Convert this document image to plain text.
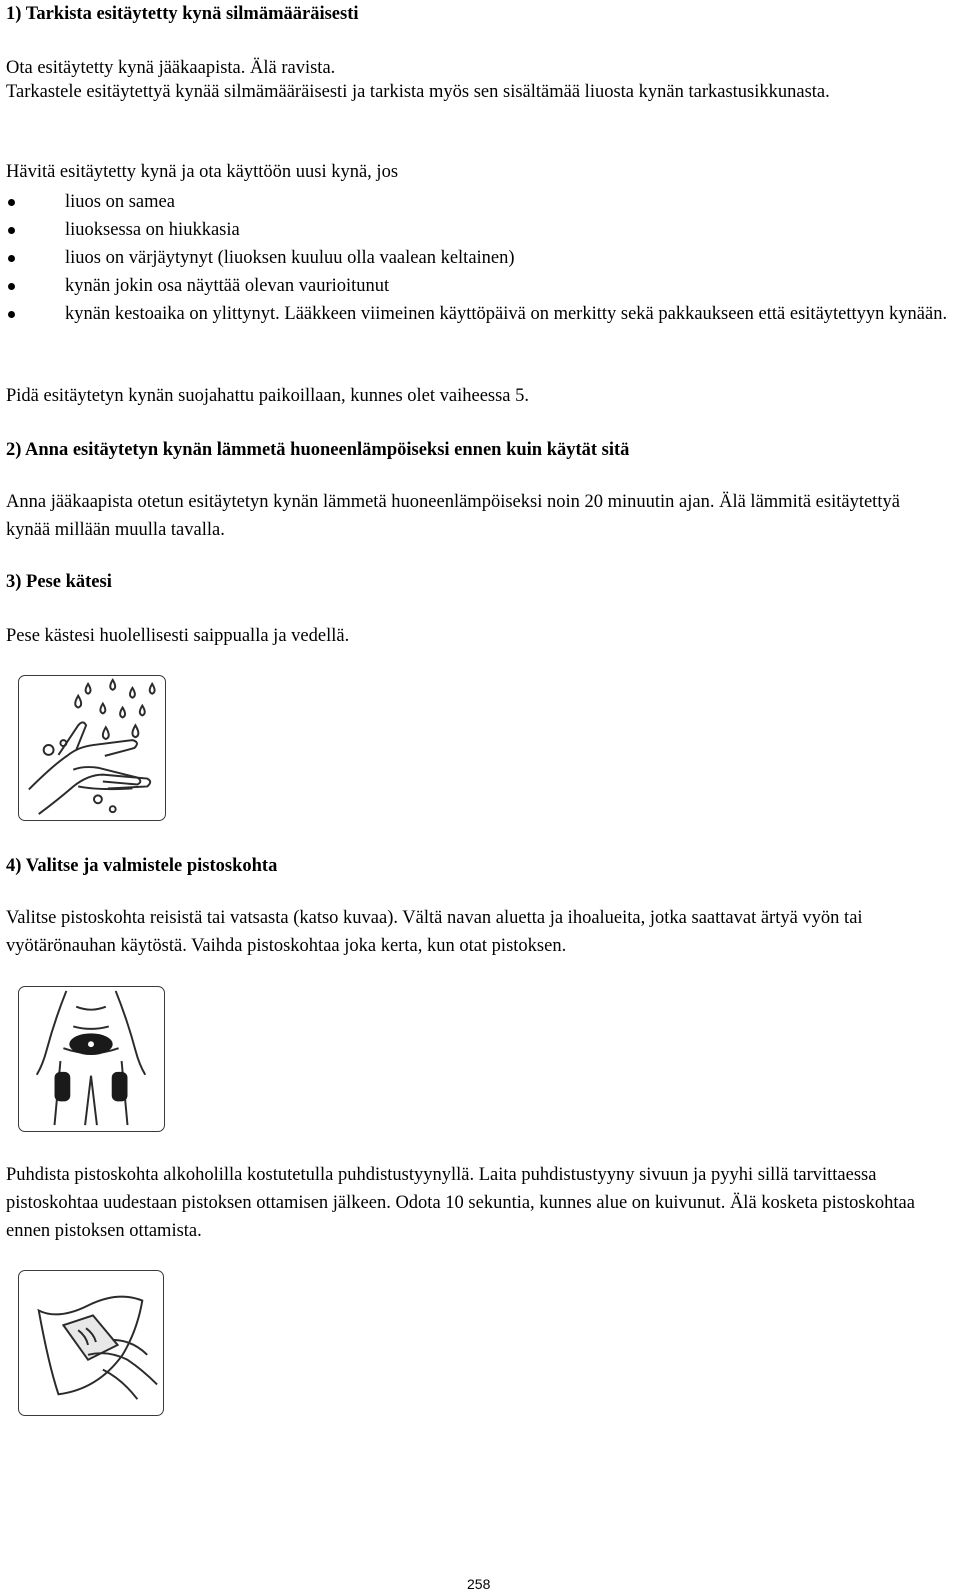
1) Tarkista esitäytetty kynä silmämääräisesti

Ota esitäytetty kynä jääkaapista. Älä ravista.

Tarkastele esitäytettyä kynää silmämääräisesti ja tarkista myös sen sisältämää liuosta kynän tarkastusikkunasta.

Hävitä esitäytetty kynä ja ota käyttöön uusi kynä, jos

liuos on samea
liuoksessa on hiukkasia
liuos on värjäytynyt (liuoksen kuuluu olla vaalean keltainen)
kynän jokin osa näyttää olevan vaurioitunut
kynän kestoaika on ylittynyt. Lääkkeen viimeinen käyttöpäivä on merkitty sekä pakkaukseen että esitäytettyyn kynään.

Pidä esitäytetyn kynän suojahattu paikoillaan, kunnes olet vaiheessa 5.

2) Anna esitäytetyn kynän lämmetä huoneenlämpöiseksi ennen kuin käytät sitä

Anna jääkaapista otetun esitäytetyn kynän lämmetä huoneenlämpöiseksi noin 20 minuutin ajan. Älä lämmitä esitäytettyä kynää millään muulla tavalla.

3) Pese kätesi

Pese kästesi huolellisesti saippualla ja vedellä.

4) Valitse ja valmistele pistoskohta

Valitse pistoskohta reisistä tai vatsasta (katso kuvaa). Vältä navan aluetta ja ihoalueita, jotka saattavat ärtyä vyön tai vyötärönauhan käytöstä. Vaihda pistoskohtaa joka kerta, kun otat pistoksen.

Puhdista pistoskohta alkoholilla kostutetulla puhdistustyynyllä. Laita puhdistustyyny sivuun ja pyyhi sillä tarvittaessa pistoskohtaa uudestaan pistoksen ottamisen jälkeen. Odota 10 sekuntia, kunnes alue on kuivunut. Älä kosketa pistoskohtaa ennen pistoksen ottamista.

258
